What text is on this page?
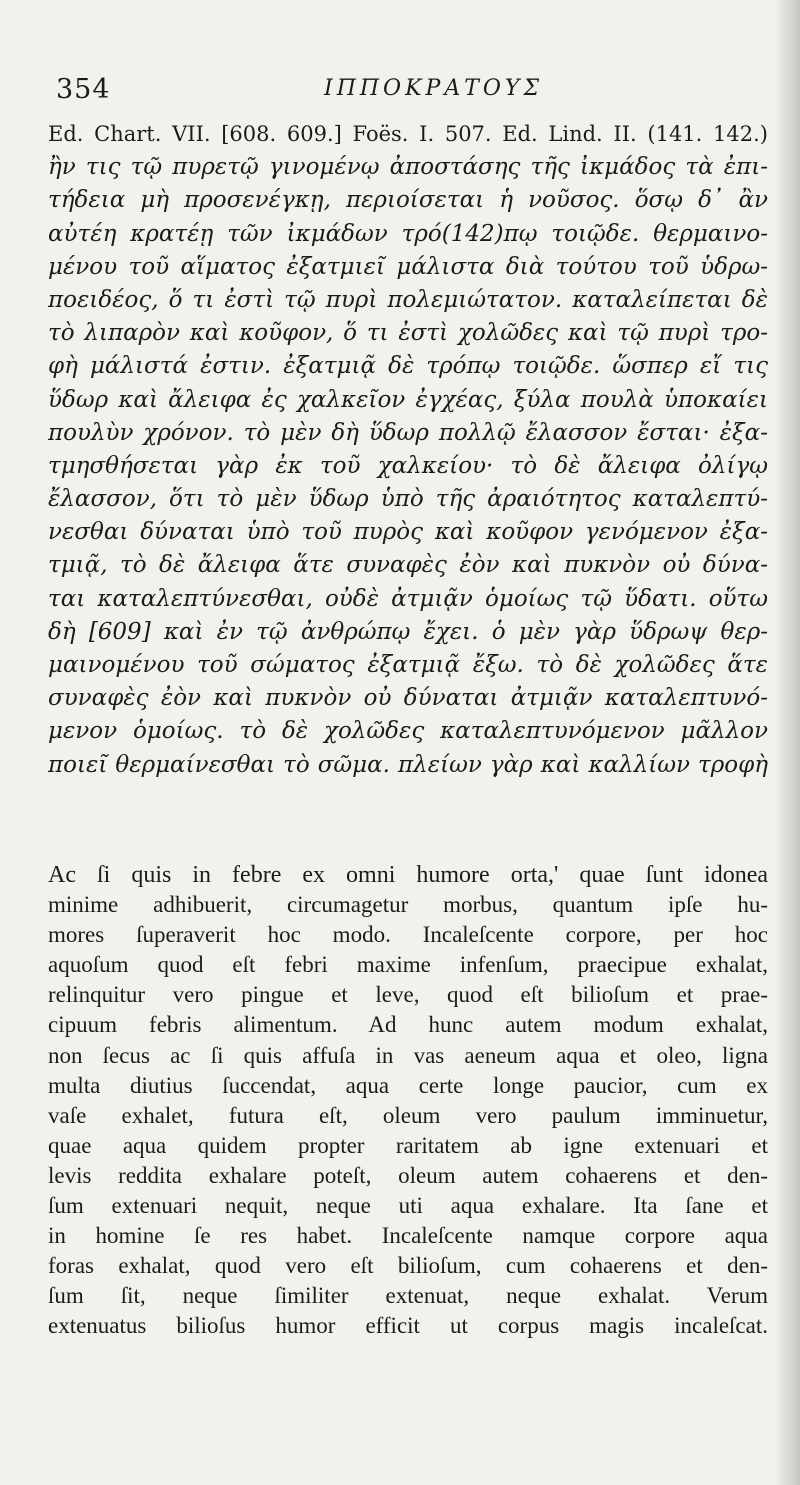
354	ΙΠΠΟΚΡΑΤΟΥΣ
Ed. Chart. VII. [608. 609.] Foës. I. 507. Ed. Lind. II. (141. 142.)
ἢν τις τῷ πυρετῷ γινομένῳ ἀποστάσης τῆς ἰκμάδος τὰ ἐπι-
τήδεια μὴ προσενέγκῃ, περιοίσεται ἡ νοῦσος. ὅσῳ δ᾽ ἂν
αὐτέη κρατέῃ τῶν ἰκμάδων τρό(142)πῳ τοιῷδε. θερμαινο-
μένου τοῦ αἵματος ἐξατμιεῖ μάλιστα διὰ τούτου τοῦ ὑδρω-
ποειδέος, ὅ τι ἐστὶ τῷ πυρὶ πολεμιώτατον. καταλείπεται δὲ
τὸ λιπαρὸν καὶ κοῦφον, ὅ τι ἐστὶ χολῶδες καὶ τῷ πυρὶ τρο-
φὴ μάλιστά ἐστιν. ἐξατμιᾷ δὲ τρόπῳ τοιῷδε. ὥσπερ εἴ τις
ὕδωρ καὶ ἄλειφα ἐς χαλκεῖον ἐγχέας, ξύλα πουλὰ ὑποκαίει
πουλὺν χρόνον. τὸ μὲν δὴ ὕδωρ πολλῷ ἔλασσον ἔσται· ἐξα-
τμησθήσεται γὰρ ἐκ τοῦ χαλκείου· τὸ δὲ ἄλειφα ὀλίγῳ
ἔλασσον, ὅτι τὸ μὲν ὕδωρ ὑπὸ τῆς ἀραιότητος καταλεπτύ-
νεσθαι δύναται ὑπὸ τοῦ πυρὸς καὶ κοῦφον γενόμενον ἐξα-
τμιᾷ, τὸ δὲ ἄλειφα ἅτε συναφὲς ἐὸν καὶ πυκνὸν οὐ δύνα-
ται καταλεπτύνεσθαι, οὐδὲ ἀτμιᾷν ὁμοίως τῷ ὕδατι. οὕτω
δὴ [609] καὶ ἐν τῷ ἀνθρώπῳ ἔχει. ὁ μὲν γὰρ ὕδρωψ θερ-
μαινομένου τοῦ σώματος ἐξατμιᾷ ἔξω. τὸ δὲ χολῶδες ἅτε
συναφὲς ἐὸν καὶ πυκνὸν οὐ δύναται ἀτμιᾷν καταλεπτυνό-
μενον ὁμοίως. τὸ δὲ χολῶδες καταλεπτυνόμενον μᾶλλον
ποιεῖ θερμαίνεσθαι τὸ σῶμα. πλείων γὰρ καὶ καλλίων τροφὴ
Ac ſi quis in febre ex omni humore orta,' quae ſunt idonea
minime adhibuerit, circumagetur morbus, quantum ipſe hu-
mores ſuperaverit hoc modo. Incaleſcente corpore, per hoc
aquoſum quod eſt febri maxime infenſum, praecipue exhalat,
relinquitur vero pingue et leve, quod eſt bilioſum et prae-
cipuum febris alimentum. Ad hunc autem modum exhalat,
non ſecus ac ſi quis affuſa in vas aeneum aqua et oleo, ligna
multa diutius ſuccendat, aqua certe longe paucior, cum ex
vaſe exhalet, futura eſt, oleum vero paulum imminuetur,
quae aqua quidem propter raritatem ab igne extenuari et
levis reddita exhalare poteſt, oleum autem cohaerens et den-
ſum extenuari nequit, neque uti aqua exhalare. Ita ſane et
in homine ſe res habet. Incaleſcente namque corpore aqua
foras exhalat, quod vero eſt bilioſum, cum cohaerens et den-
ſum ſit, neque ſimiliter extenuat, neque exhalat. Verum
extenuatus bilioſus humor efficit ut corpus magis incaleſcat.
